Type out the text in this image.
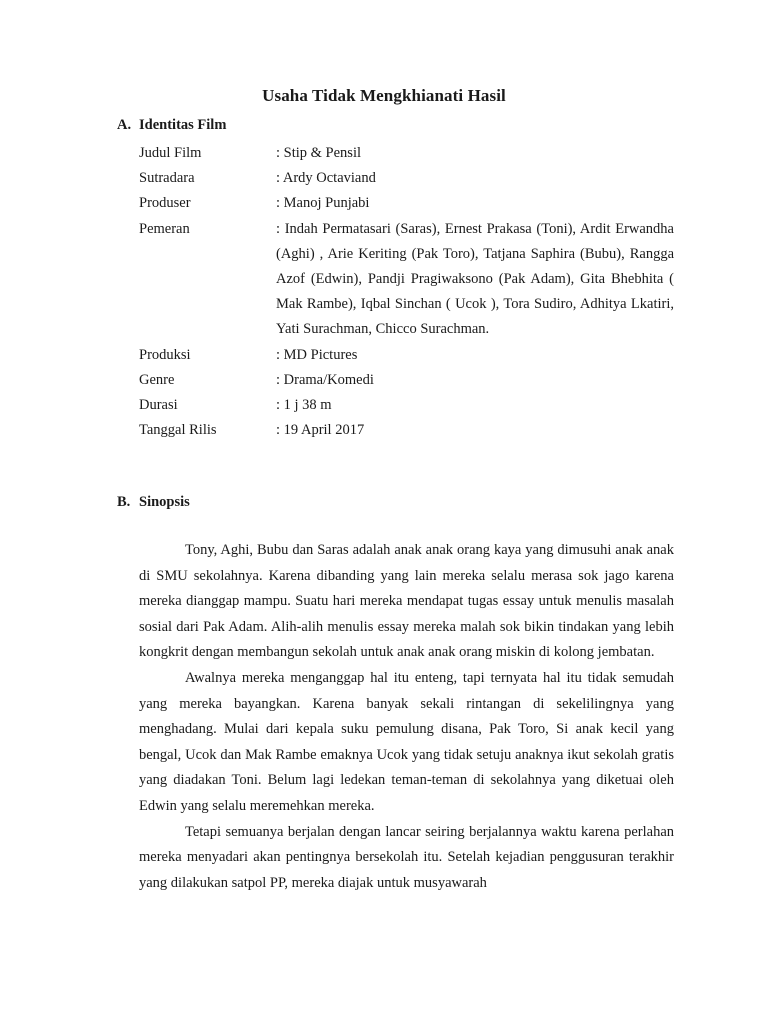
Usaha Tidak Mengkhianati Hasil
A. Identitas Film
Judul Film	: Stip & Pensil
Sutradara	: Ardy Octaviand
Produser	: Manoj Punjabi
Pemeran	: Indah Permatasari (Saras), Ernest Prakasa (Toni), Ardit Erwandha (Aghi) , Arie Keriting (Pak Toro), Tatjana Saphira (Bubu), Rangga Azof (Edwin), Pandji Pragiwaksono (Pak Adam), Gita Bhebhita ( Mak Rambe), Iqbal Sinchan ( Ucok ), Tora Sudiro, Adhitya Lkatiri, Yati Surachman, Chicco Surachman.
Produksi	: MD Pictures
Genre	: Drama/Komedi
Durasi	: 1 j 38 m
Tanggal Rilis	: 19 April 2017
B. Sinopsis

Tony, Aghi, Bubu dan Saras adalah anak anak orang kaya yang dimusuhi anak anak di SMU sekolahnya. Karena dibanding yang lain mereka selalu merasa sok jago karena mereka dianggap mampu. Suatu hari mereka mendapat tugas essay untuk menulis masalah sosial dari Pak Adam. Alih-alih menulis essay mereka malah sok bikin tindakan yang lebih kongkrit dengan membangun sekolah untuk anak anak orang miskin di kolong jembatan.

Awalnya mereka menganggap hal itu enteng, tapi ternyata hal itu tidak semudah yang mereka bayangkan. Karena banyak sekali rintangan di sekelilingnya yang menghadang. Mulai dari kepala suku pemulung disana, Pak Toro, Si anak kecil yang bengal, Ucok dan Mak Rambe emaknya Ucok yang tidak setuju anaknya ikut sekolah gratis yang diadakan Toni. Belum lagi ledekan teman-teman di sekolahnya yang diketuai oleh Edwin yang selalu meremehkan mereka.

Tetapi semuanya berjalan dengan lancar seiring berjalannya waktu karena perlahan mereka menyadari akan pentingnya bersekolah itu. Setelah kejadian penggusuran terakhir yang dilakukan satpol PP, mereka diajak untuk musyawarah
